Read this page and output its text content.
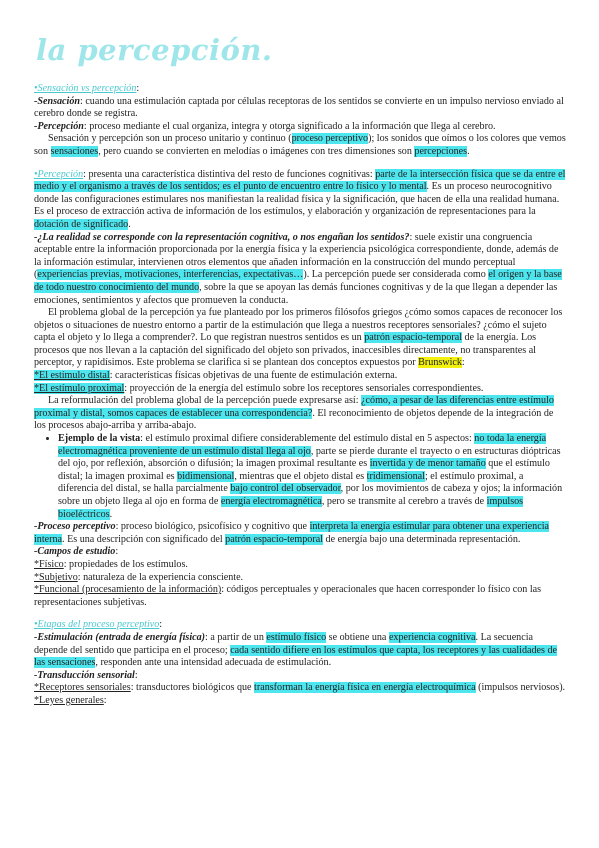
la percepción.

•Sensación vs percepción:

-Sensación: cuando una estimulación captada por células receptoras de los sentidos se convierte en un impulso nervioso enviado al cerebro donde se registra.

-Percepción: proceso mediante el cual organiza, integra y otorga significado a la información que llega al cerebro.

Sensación y percepción son un proceso unitario y continuo (proceso perceptivo); los sonidos que oímos o los colores que vemos son sensaciones, pero cuando se convierten en melodías o imágenes con tres dimensiones son percepciones.

•Percepción: presenta una característica distintiva del resto de funciones cognitivas: parte de la intersección física que se da entre el medio y el organismo a través de los sentidos; es el punto de encuentro entre lo físico y lo mental. Es un proceso neurocognitivo donde las configuraciones estimulares nos manifiestan la realidad física y la significación, que hacen de ella una realidad humana. Es el proceso de extracción activa de información de los estímulos, y elaboración y organización de representaciones para la dotación de significado.

-¿La realidad se corresponde con la representación cognitiva, o nos engañan los sentidos?: suele existir una congruencia aceptable entre la información proporcionada por la energía física y la experiencia psicológica correspondiente, donde, además de la información estimular, intervienen otros elementos que añaden información en la construcción del mundo perceptual (experiencias previas, motivaciones, interferencias, expectativas…). La percepción puede ser considerada como el origen y la base de todo nuestro conocimiento del mundo, sobre la que se apoyan las demás funciones cognitivas y de la que llegan a depender las emociones, sentimientos y afectos que promueven la conducta.

El problema global de la percepción ya fue planteado por los primeros filósofos griegos ¿cómo somos capaces de reconocer los objetos o situaciones de nuestro entorno a partir de la estimulación que llega a nuestros receptores sensoriales? ¿cómo el sujeto capta el objeto y lo llega a comprender?. Lo que registran nuestros sentidos es un patrón espacio-temporal de la energía. Los procesos que nos llevan a la captación del significado del objeto son privados, inaccesibles directamente, no transparentes al perceptor, y rapidísimos. Este problema se clarifica si se plantean dos conceptos expuestos por Brunswick:

*El estímulo distal: características físicas objetivas de una fuente de estimulación externa.

*El estímulo proximal: proyección de la energía del estímulo sobre los receptores sensoriales correspondientes.

La reformulación del problema global de la percepción puede expresarse así: ¿cómo, a pesar de las diferencias entre estímulo proximal y distal, somos capaces de establecer una correspondencia?. El reconocimiento de objetos depende de la integración de los procesos abajo-arriba y arriba-abajo.

• Ejemplo de la vista: el estímulo proximal difiere considerablemente del estímulo distal en 5 aspectos: no toda la energía electromagnética proveniente de un estímulo distal llega al ojo, parte se pierde durante el trayecto o en estructuras dióptricas del ojo, por reflexión, absorción o difusión; la imagen proximal resultante es invertida y de menor tamaño que el estímulo distal; la imagen proximal es bidimensional, mientras que el objeto distal es tridimensional; el estímulo proximal, a diferencia del distal, se halla parcialmente bajo control del observador, por los movimientos de cabeza y ojos; la información sobre un objeto llega al ojo en forma de energía electromagnética, pero se transmite al cerebro a través de impulsos bioeléctricos.

-Proceso perceptivo: proceso biológico, psicofísico y cognitivo que interpreta la energía estimular para obtener una experiencia interna. Es una descripción con significado del patrón espacio-temporal de energía bajo una determinada representación.

-Campos de estudio:

*Físico: propiedades de los estímulos.

*Subjetivo: naturaleza de la experiencia consciente.

*Funcional (procesamiento de la información): códigos perceptuales y operacionales que hacen corresponder lo físico con las representaciones subjetivas.

•Etapas del proceso perceptivo:

-Estimulación (entrada de energía física): a partir de un estímulo físico se obtiene una experiencia cognitiva. La secuencia depende del sentido que participa en el proceso; cada sentido difiere en los estímulos que capta, los receptores y las cualidades de las sensaciones, responden ante una intensidad adecuada de estimulación.

-Transducción sensorial:

*Receptores sensoriales: transductores biológicos que transforman la energía física en energía electroquímica (impulsos nerviosos).

*Leyes generales:
